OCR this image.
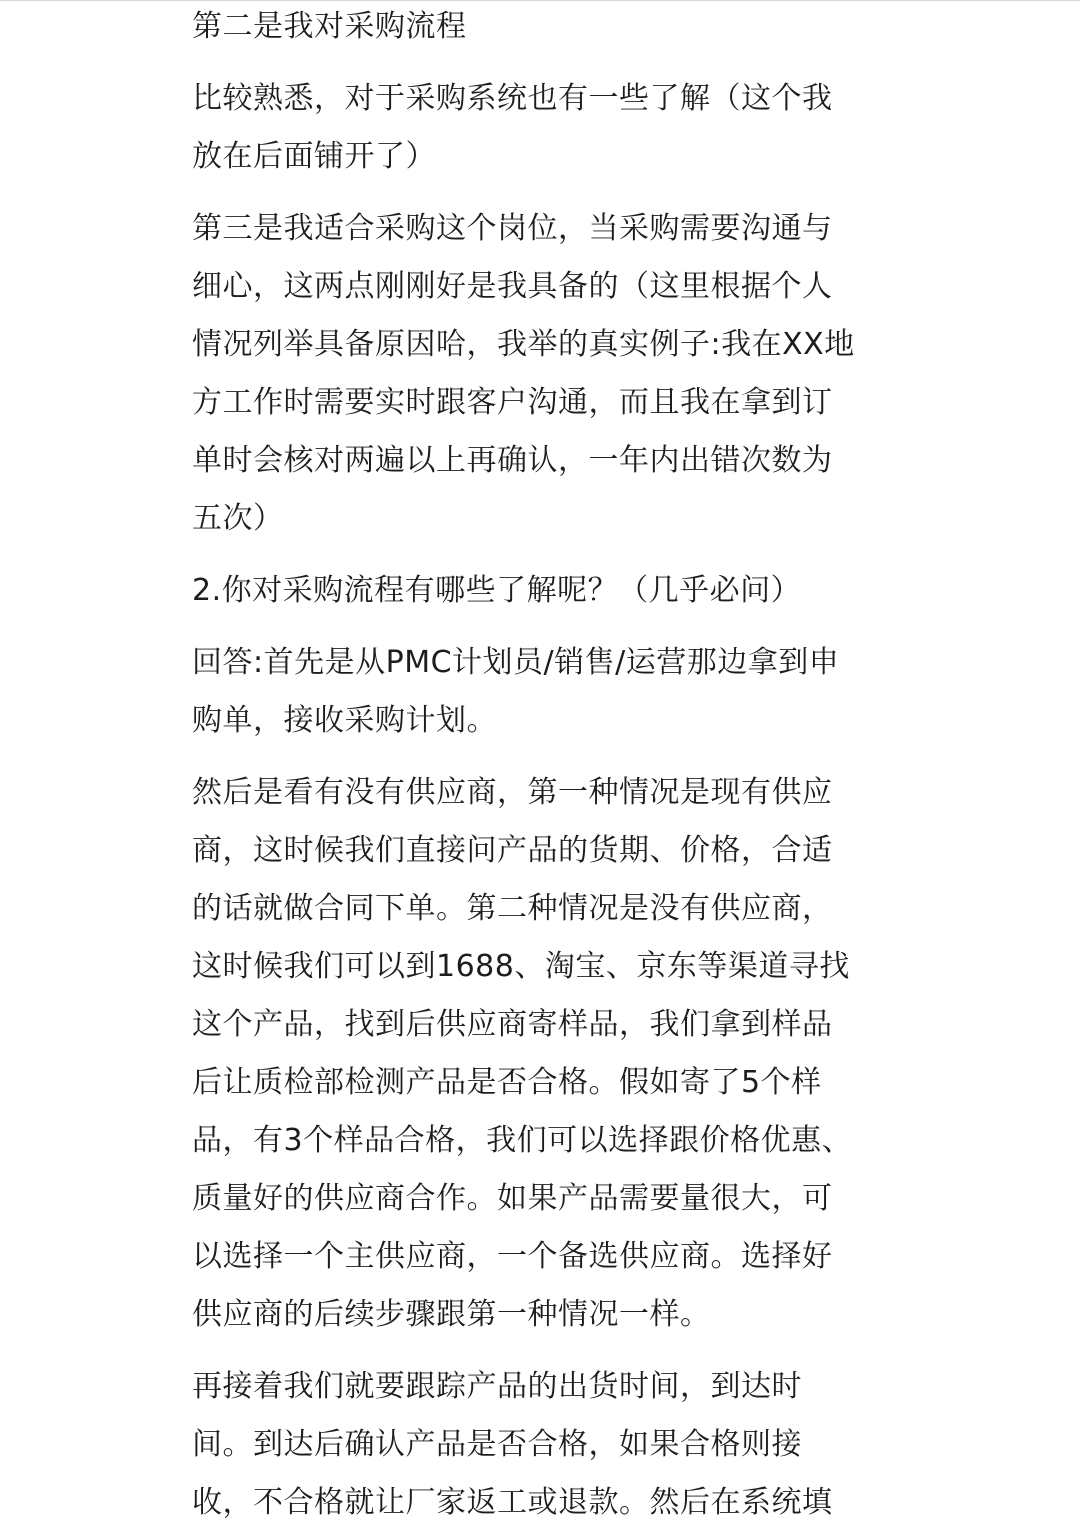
第二是我对采购流程
比较熟悉，对于采购系统也有一些了解（这个我
放在后面铺开了）
第三是我适合采购这个岗位，当采购需要沟通与
细心，这两点刚刚好是我具备的（这里根据个人
情况列举具备原因哈，我举的真实例子:我在XX地
方工作时需要实时跟客户沟通，而且我在拿到订
单时会核对两遍以上再确认，一年内出错次数为
五次）
2.你对采购流程有哪些了解呢？（几乎必问）
回答:首先是从PMC计划员/销售/运营那边拿到申
购单，接收采购计划。
然后是看有没有供应商，第一种情况是现有供应
商，这时候我们直接问产品的货期、价格，合适
的话就做合同下单。第二种情况是没有供应商，
这时候我们可以到1688、淘宝、京东等渠道寻找
这个产品，找到后供应商寄样品，我们拿到样品
后让质检部检测产品是否合格。假如寄了5个样
品，有3个样品合格，我们可以选择跟价格优惠、
质量好的供应商合作。如果产品需要量很大，可
以选择一个主供应商，一个备选供应商。选择好
供应商的后续步骤跟第一种情况一样。
再接着我们就要跟踪产品的出货时间，到达时
间。到达后确认产品是否合格，如果合格则接
收，不合格就让厂家返工或退款。然后在系统填
